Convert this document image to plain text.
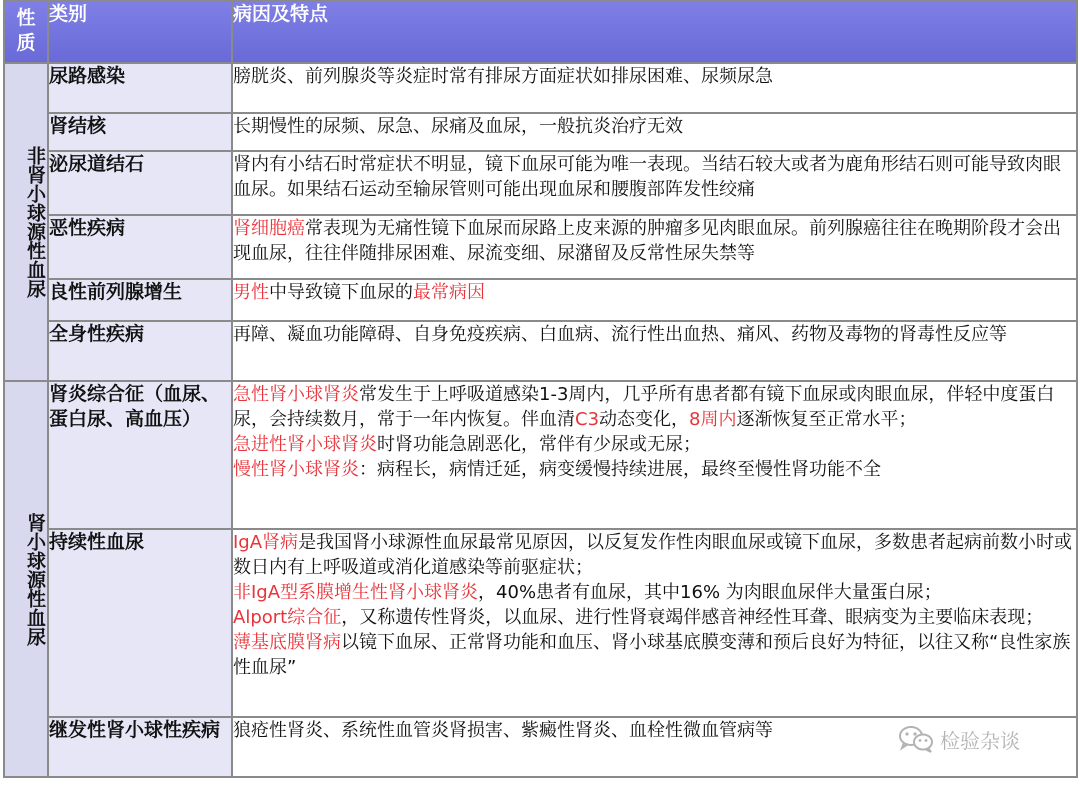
性质	类别	病因及特点
非肾小球源性血尿	尿路感染	膀胱炎、前列腺炎等炎症时常有排尿方面症状如排尿困难、尿频尿急

	肾结核	长期慢性的尿频、尿急、尿痛及血尿，一般抗炎治疗无效

	泌尿道结石	肾内有小结石时常症状不明显，镜下血尿可能为唯一表现。当结石较大或者为鹿角形结石则可能导致肉眼血尿。如果结石运动至输尿管则可能出现血尿和腰腹部阵发性绞痛

	恶性疾病	肾细胞癌常表现为无痛性镜下血尿而尿路上皮来源的肿瘤多见肉眼血尿。前列腺癌往往在晚期阶段才会出现血尿，往往伴随排尿困难、尿流变细、尿潴留及反常性尿失禁等

	良性前列腺增生	男性中导致镜下血尿的最常病因

	全身性疾病	再障、凝血功能障碍、自身免疫疾病、白血病、流行性出血热、痛风、药物及毒物的肾毒性反应等

肾小球源性血尿	肾炎综合征（血尿、蛋白尿、高血压）	急性肾小球肾炎常发生于上呼吸道感染1-3周内，几乎所有患者都有镜下血尿或肉眼血尿，伴轻中度蛋白尿，会持续数月，常于一年内恢复。伴血清C3动态变化，8周内逐渐恢复至正常水平；
急进性肾小球肾炎时肾功能急剧恶化，常伴有少尿或无尿；
慢性肾小球肾炎：病程长，病情迁延，病变缓慢持续进展，最终至慢性肾功能不全

	持续性血尿	IgA肾病是我国肾小球源性血尿最常见原因，以反复发作性肉眼血尿或镜下血尿，多数患者起病前数小时或数日内有上呼吸道或消化道感染等前驱症状；
非IgA型系膜增生性肾小球肾炎，40%患者有血尿，其中16% 为肉眼血尿伴大量蛋白尿；
Alport综合征，又称遗传性肾炎，以血尿、进行性肾衰竭伴感音神经性耳聋、眼病变为主要临床表现；
薄基底膜肾病以镜下血尿、正常肾功能和血压、肾小球基底膜变薄和预后良好为特征，以往又称“良性家族性血尿”

	继发性肾小球性疾病	狼疮性肾炎、系统性血管炎肾损害、紫癜性肾炎、血栓性微血管病等	检验杂谈
